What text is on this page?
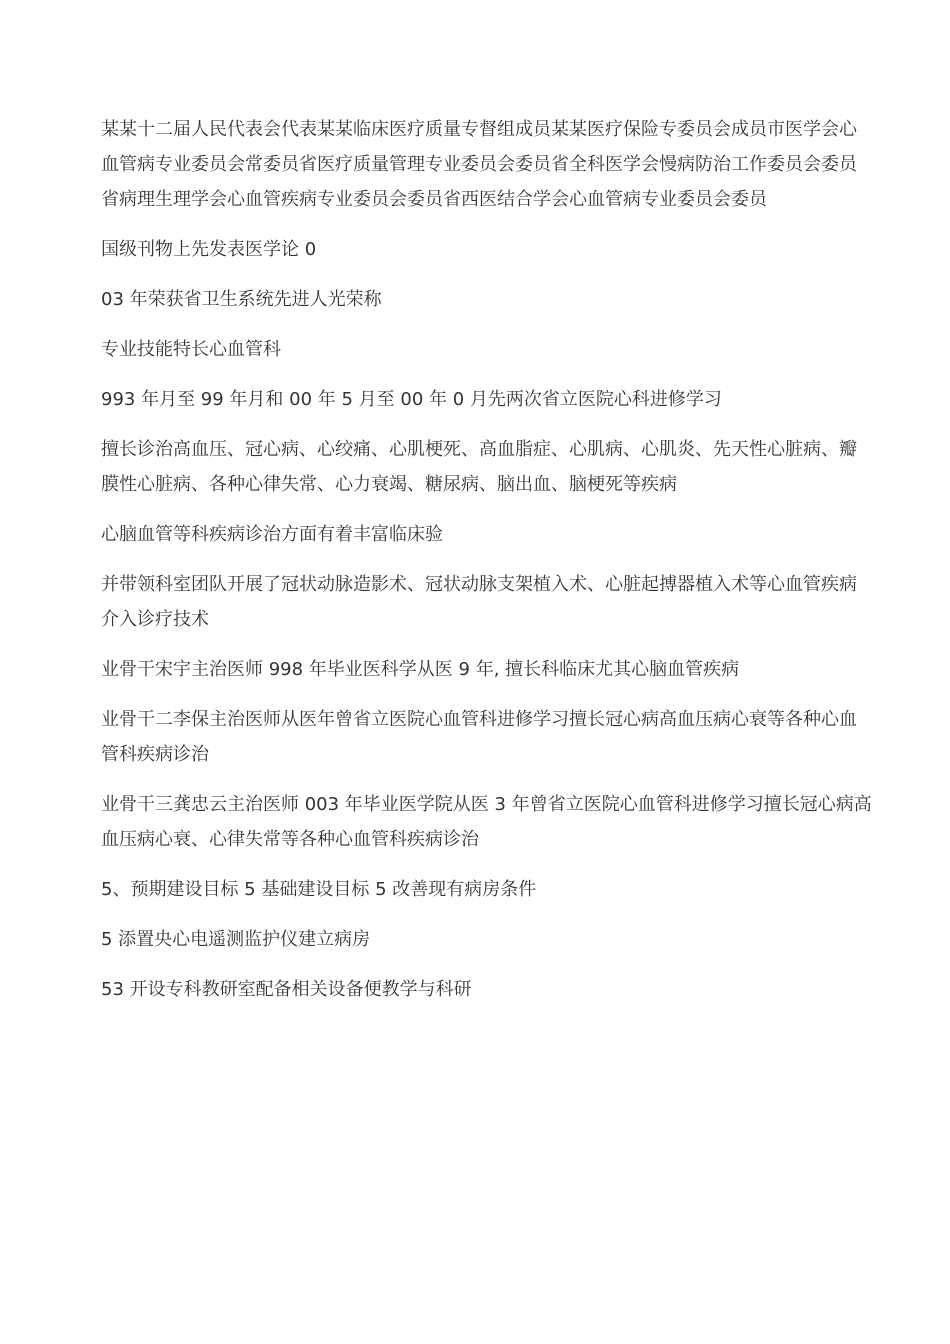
某某十二届人民代表会代表某某临床医疗质量专督组成员某某医疗保险专委员会成员市医学会心血管病专业委员会常委员省医疗质量管理专业委员会委员省全科医学会慢病防治工作委员会委员省病理生理学会心血管疾病专业委员会委员省西医结合学会心血管病专业委员会委员

国级刊物上先发表医学论 0

03 年荣获省卫生系统先进人光荣称

专业技能特长心血管科

993 年月至 99 年月和 00 年 5 月至 00 年 0 月先两次省立医院心科进修学习

擅长诊治高血压、冠心病、心绞痛、心肌梗死、高血脂症、心肌病、心肌炎、先天性心脏病、瓣膜性心脏病、各种心律失常、心力衰竭、糖尿病、脑出血、脑梗死等疾病

心脑血管等科疾病诊治方面有着丰富临床验

并带领科室团队开展了冠状动脉造影术、冠状动脉支架植入术、心脏起搏器植入术等心血管疾病介入诊疗技术

业骨干宋宇主治医师 998 年毕业医科学从医 9 年, 擅长科临床尤其心脑血管疾病

业骨干二李保主治医师从医年曾省立医院心血管科进修学习擅长冠心病高血压病心衰等各种心血管科疾病诊治

业骨干三龚忠云主治医师 003 年毕业医学院从医 3 年曾省立医院心血管科进修学习擅长冠心病高血压病心衰、心律失常等各种心血管科疾病诊治

5、预期建设目标 5 基础建设目标 5 改善现有病房条件

5 添置央心电遥测监护仪建立病房

53 开设专科教研室配备相关设备便教学与科研
